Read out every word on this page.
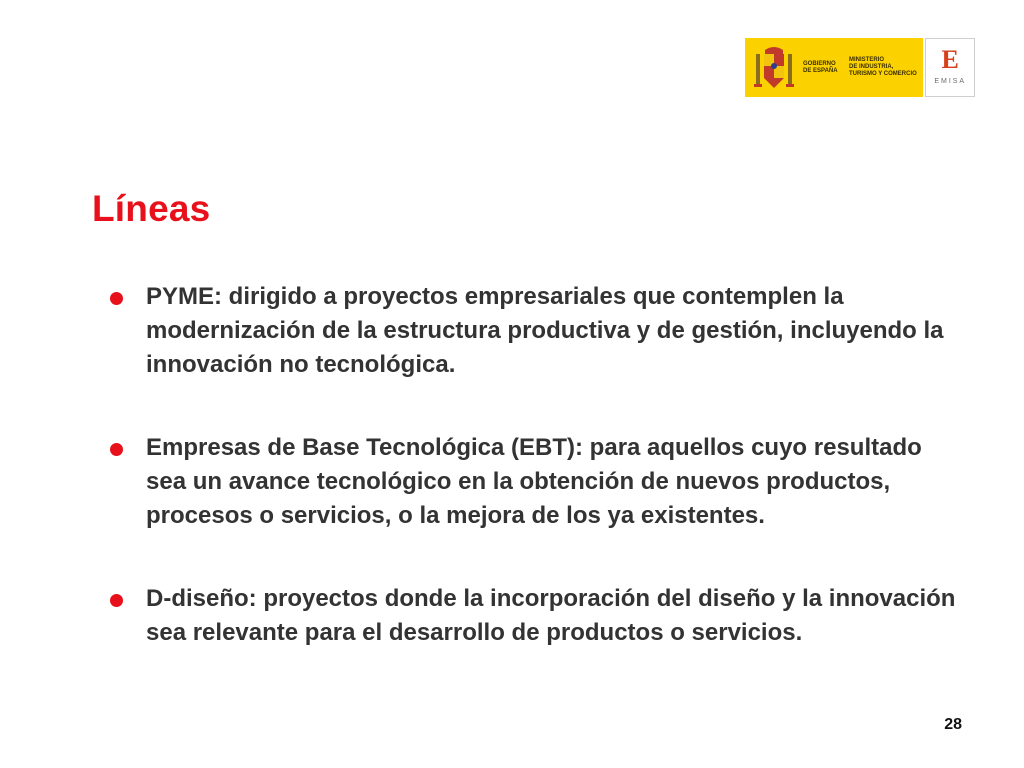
GOBIERNO
DE ESPAÑA
MINISTERIO
DE INDUSTRIA,
TURISMO Y COMERCIO E
EMISA
Líneas
PYME: dirigido a proyectos empresariales que contemplen la modernización de la estructura productiva y de gestión, incluyendo la innovación no tecnológica.
Empresas de Base Tecnológica (EBT): para aquellos cuyo resultado sea un avance tecnológico en la obtención de nuevos productos, procesos o servicios, o la mejora de los ya existentes.
D-diseño: proyectos donde la incorporación del diseño y la innovación sea relevante para el desarrollo de productos o servicios.
28
